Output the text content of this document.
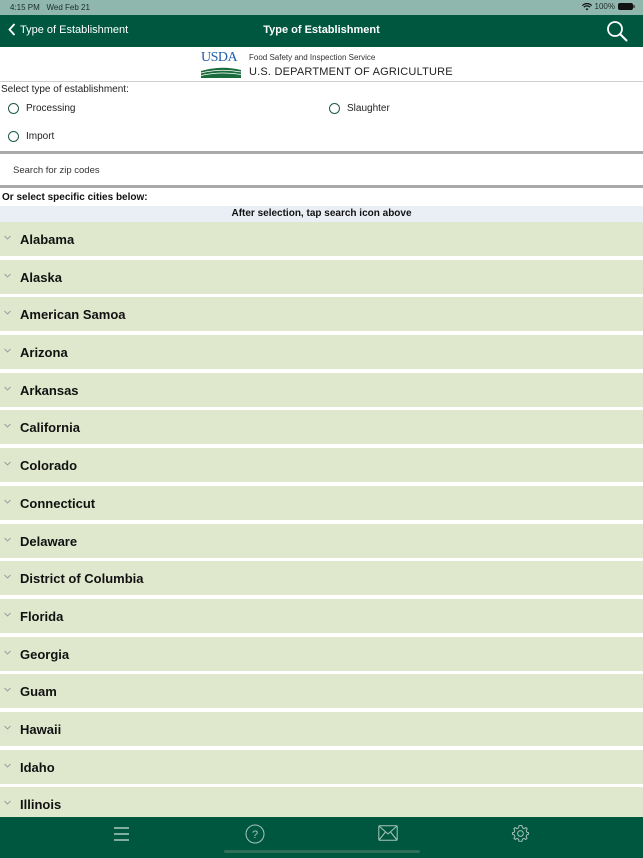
4:15 PM Wed Feb 21	100%
Type of Establishment	Type of Establishment
USDA Food Safety and Inspection Service
U.S. DEPARTMENT OF AGRICULTURE
Select type of establishment:
Processing	Slaughter
Import
Search for zip codes
Or select specific cities below:
After selection, tap search icon above
Alabama
Alaska
American Samoa
Arizona
Arkansas
California
Colorado
Connecticut
Delaware
District of Columbia
Florida
Georgia
Guam
Hawaii
Idaho
Illinois
?
